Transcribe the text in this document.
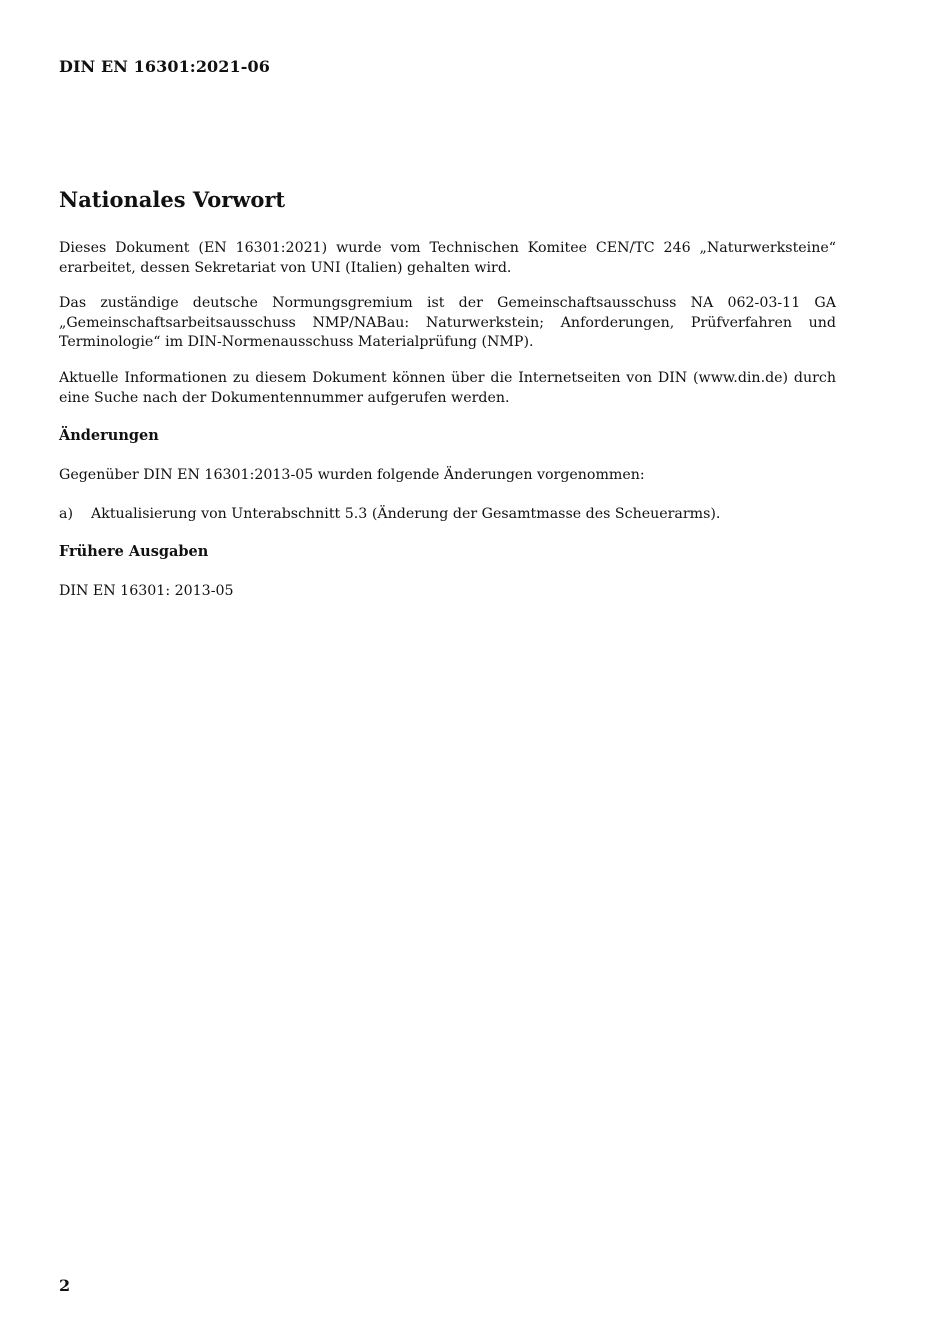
DIN EN 16301:2021-06
Nationales Vorwort

Dieses Dokument (EN 16301:2021) wurde vom Technischen Komitee CEN/TC 246 „Naturwerksteine“ erarbeitet, dessen Sekretariat von UNI (Italien) gehalten wird.

Das zuständige deutsche Normungsgremium ist der Gemeinschaftsausschuss NA 062-03-11 GA „Gemeinschaftsarbeitsausschuss NMP/NABau: Naturwerkstein; Anforderungen, Prüfverfahren und Terminologie“ im DIN-Normenausschuss Materialprüfung (NMP).

Aktuelle Informationen zu diesem Dokument können über die Internetseiten von DIN (www.din.de) durch eine Suche nach der Dokumentennummer aufgerufen werden.

Änderungen

Gegenüber DIN EN 16301:2013-05 wurden folgende Änderungen vorgenommen:

a) Aktualisierung von Unterabschnitt 5.3 (Änderung der Gesamtmasse des Scheuerarms).

Frühere Ausgaben

DIN EN 16301: 2013-05

2
